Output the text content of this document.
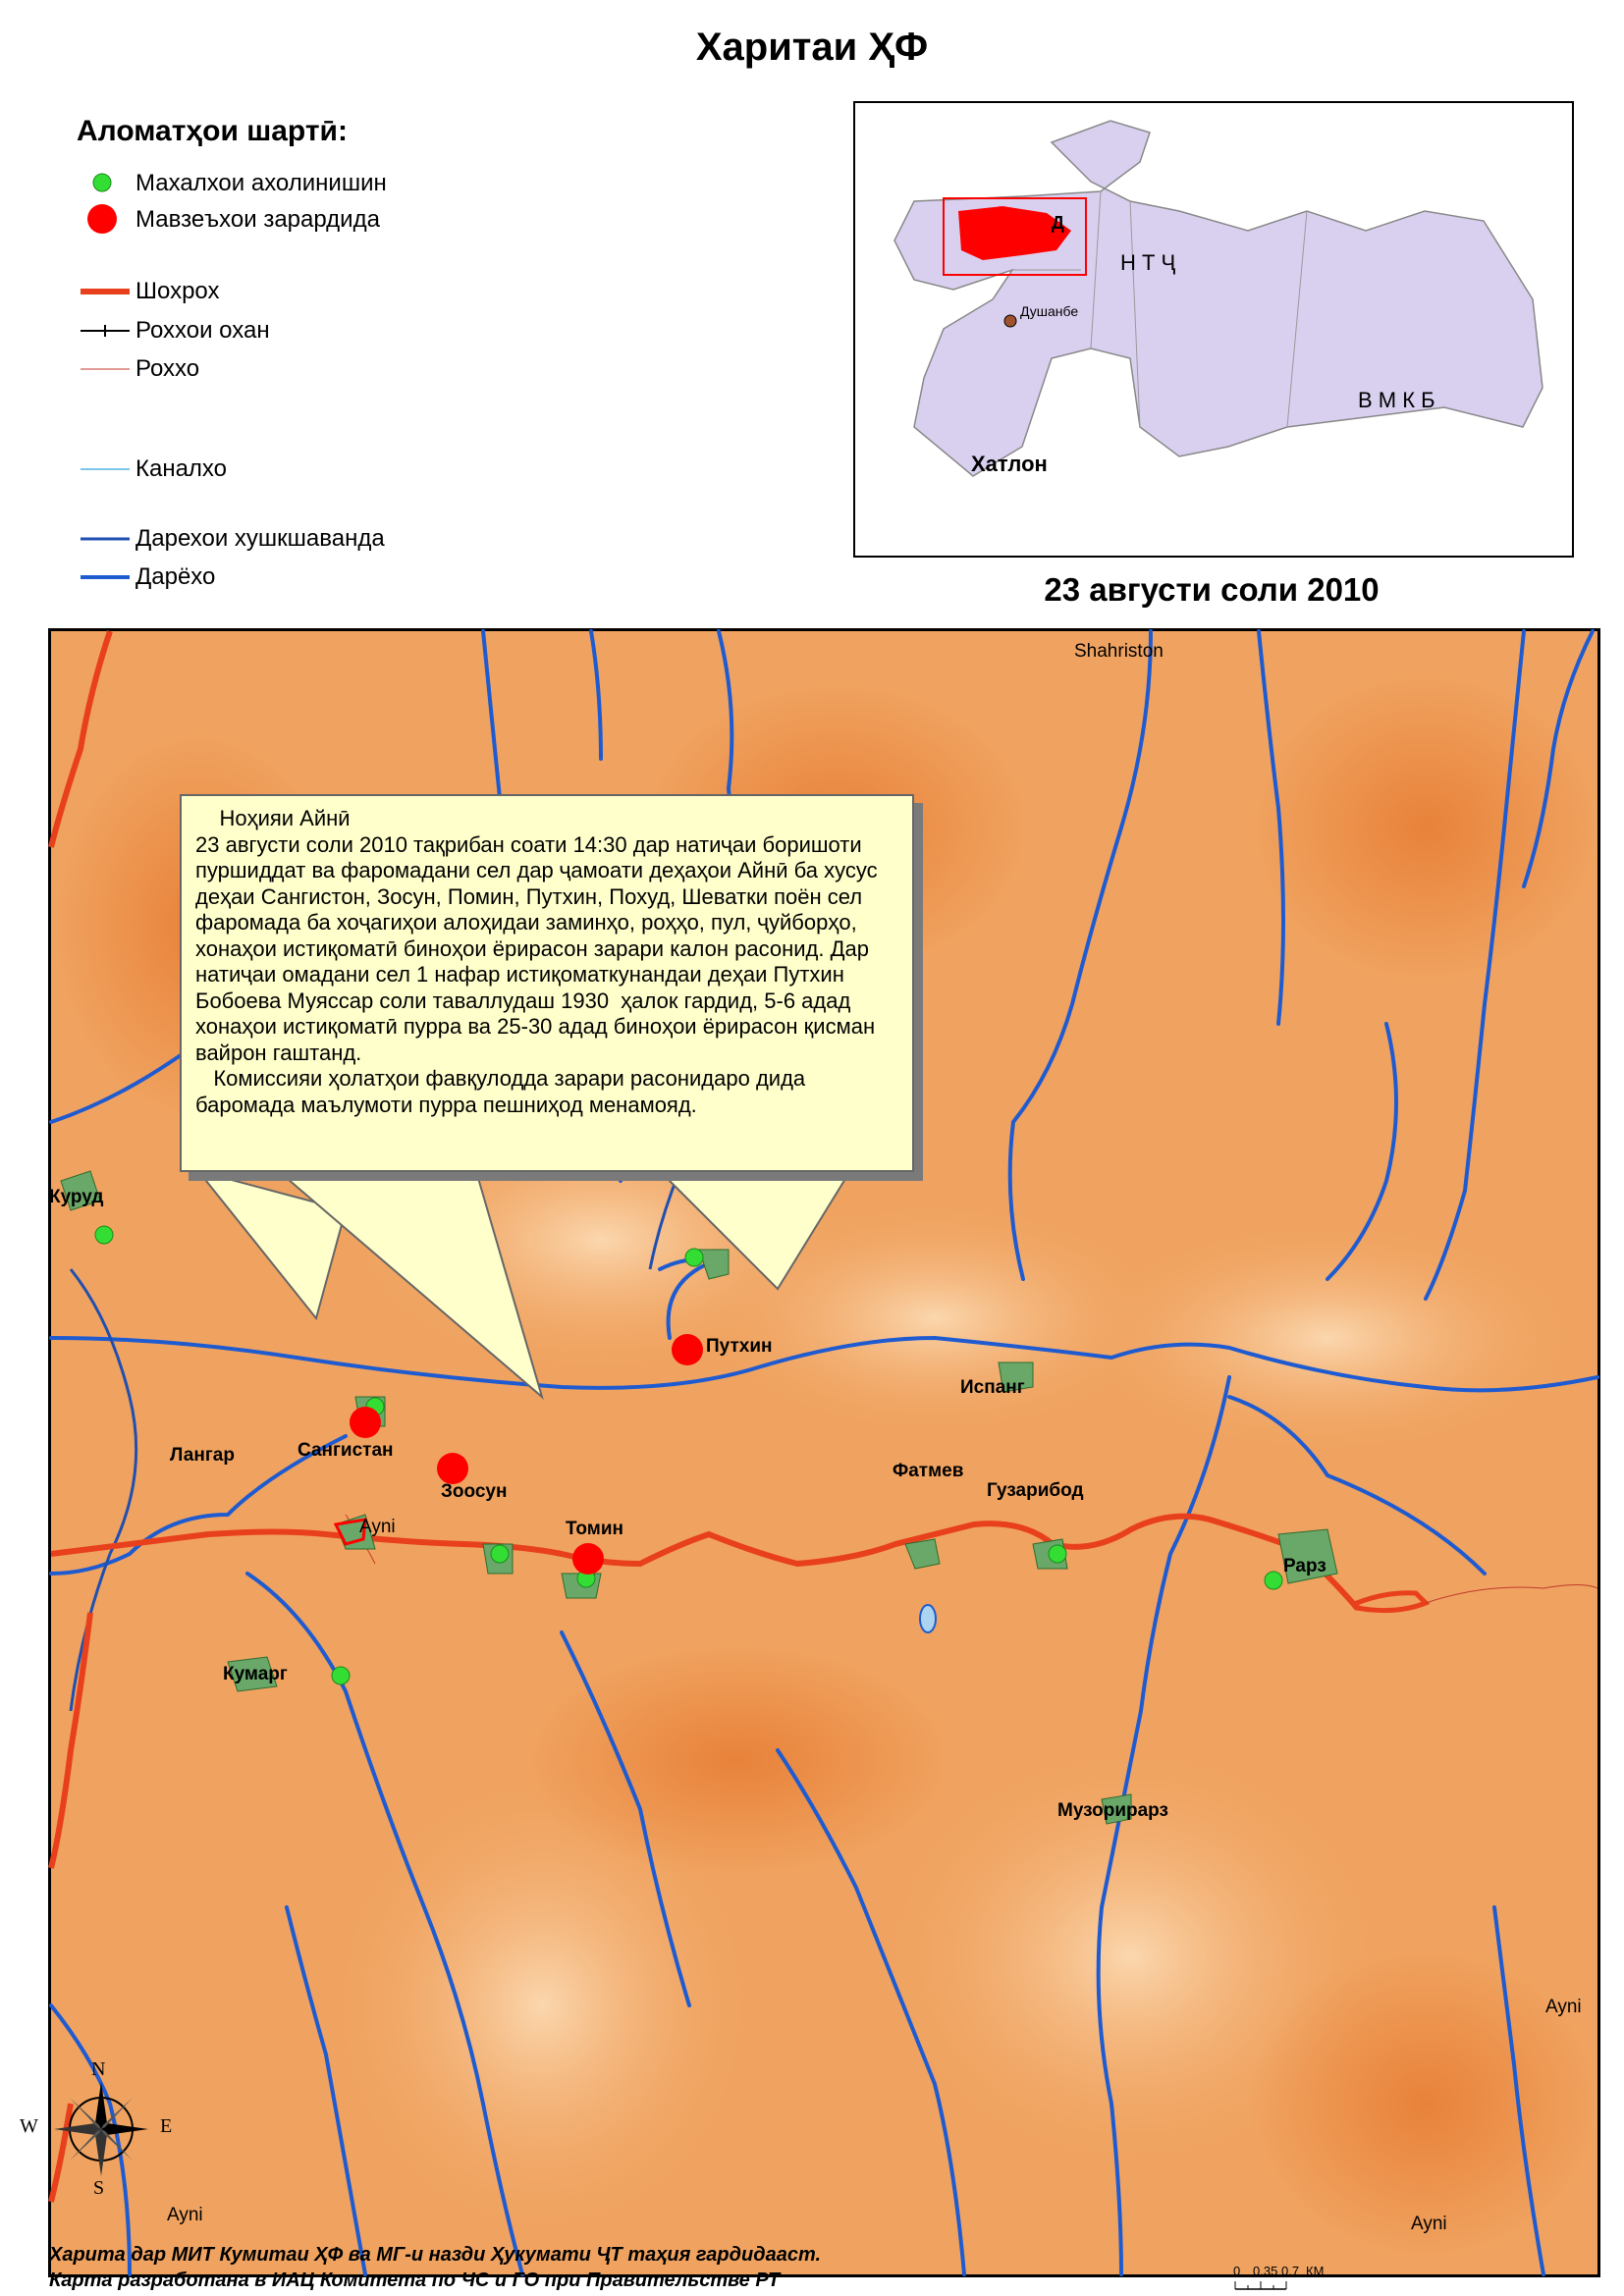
Харитаи ҲФ
Аломатҳои шартӣ:
Махалхои ахолинишин
Мавзеъхои зарардида
Шохрох
Роххои охан
Роххо
Каналхо
Дарехои хушкшаванда
Дарёхо
Н Т Ҷ
В М К Б
Хатлон
Д
Душанбе
23 августи соли 2010
Ноҳияи Айнӣ
23 августи соли 2010 тақрибан соати 14:30 дар натиҷаи боришоти пуршиддат ва фаромадани сел дар ҷамоати деҳаҳои Айнӣ ба хусус деҳаи Сангистон, Зосун, Помин, Путхин, Похуд, Шеватки поён сел фаромада ба хоҷагиҳои алоҳидаи заминҳо, роҳҳо, пул, ҷуйборҳо, хонаҳои истиқоматӣ биноҳои ёрирасон зарари калон расонид. Дар натиҷаи омадани сел 1 нафар истиқоматкунандаи деҳаи Путхин Бобоева Муяссар соли таваллудаш 1930  ҳалок гардид, 5-6 адад хонаҳои истиқоматӣ пурра ва 25-30 адад биноҳои ёрирасон қисман вайрон гаштанд.
Комиссияи ҳолатҳои фавқулодда зарари расонидаро дида баромада маълумоти пурра пешниҳод менамояд.
Shahriston
Куруд
Путхин
Испанг
Лангар	Сангистан
Зоосун
Томин
Фатмев
Гузарибод
Рарз
Кумарг
Музорирарз
Ayni
Ayni
Ayni	Ayni
N
S
E
W
Харита дар МИТ Кумитаи ҲФ ва МГ-и назди Ҳукумати ҶТ таҳия гардидааст.
Карта разработана в ИАЦ Комитета по ЧС и ГО при Правительстве РТ	0 0,35 0,7 КМ
